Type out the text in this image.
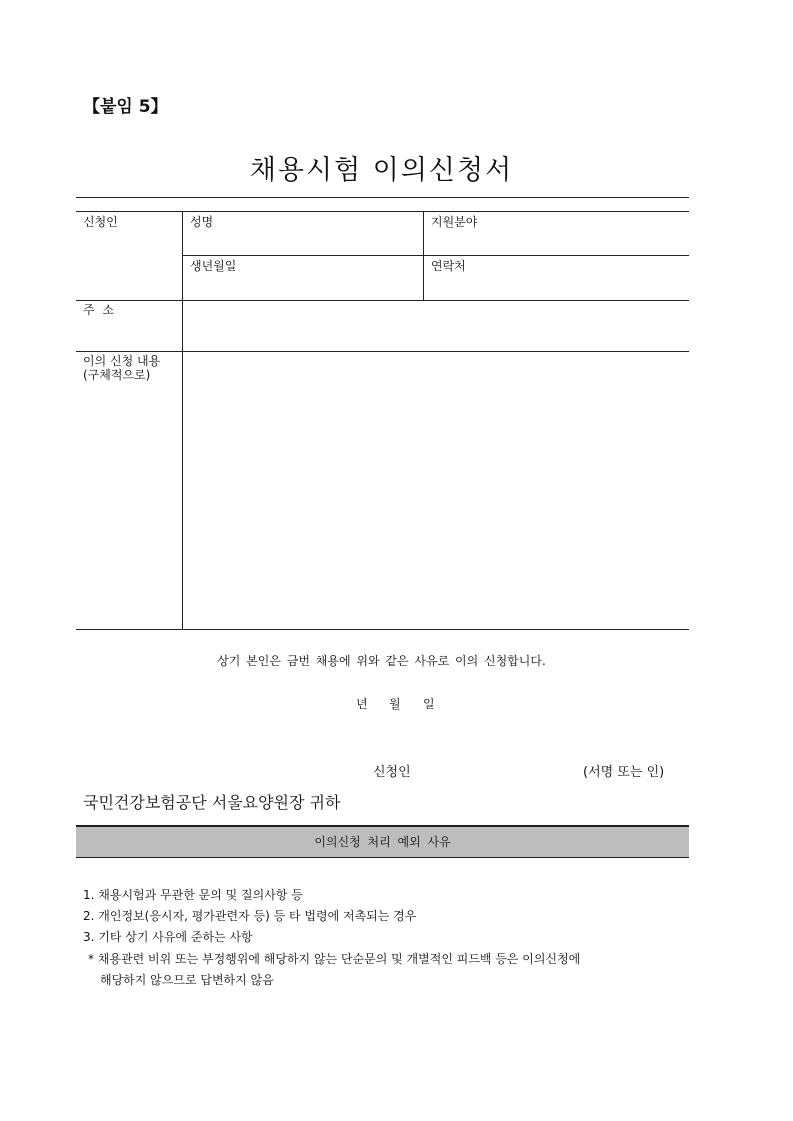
【붙임 5】
채용시험 이의신청서
신청인	성명	지원분야
생년월일	연락처
주 소
이의 신청 내용
(구체적으로)
상기 본인은 금번 채용에 위와 같은 사유로 이의 신청합니다.
년 월 일
신청인	(서명 또는 인)
국민건강보험공단 서울요양원장 귀하
이의신청 처리 예외 사유
1. 채용시험과 무관한 문의 및 질의사항 등
2. 개인정보(응시자, 평가관련자 등) 등 타 법령에 저촉되는 경우
3. 기타 상기 사유에 준하는 사항
* 채용관련 비위 또는 부정행위에 해당하지 않는 단순문의 및 개별적인 피드백 등은 이의신청에
해당하지 않으므로 답변하지 않음
